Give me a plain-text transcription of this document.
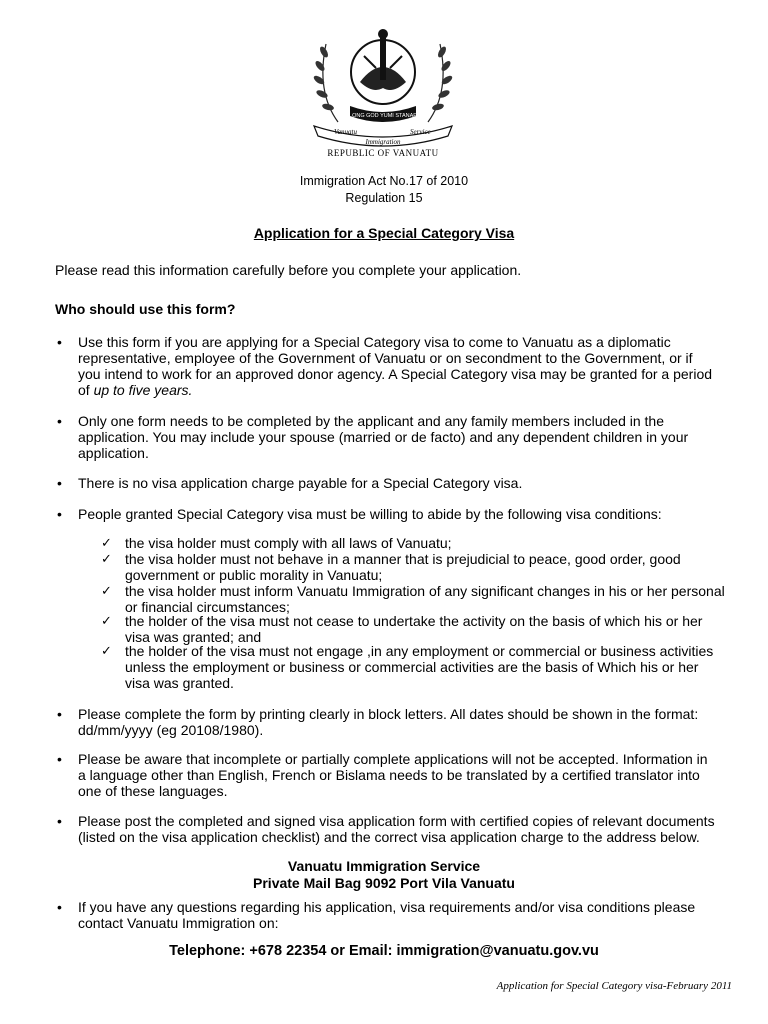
LONG GOD YUMI STANAP
Vanuatu
Immigration
Service
REPUBLIC OF VANUATU
Immigration Act No.17 of 2010
Regulation 15
Application for a Special Category Visa
Please read this information carefully before you complete your application.
Who should use this form?
• Use this form if you are applying for a Special Category visa to come to Vanuatu as a diplomatic representative, employee of the Government of Vanuatu or on secondment to the Government, or if you intend to work for an approved donor agency. A Special Category visa may be granted for a period of up to five years.
• Only one form needs to be completed by the applicant and any family members included in the application. You may include your spouse (married or de facto) and any dependent children in your application.
• There is no visa application charge payable for a Special Category visa.
• People granted Special Category visa must be willing to abide by the following visa conditions:
✓ the visa holder must comply with all laws of Vanuatu;
✓ the visa holder must not behave in a manner that is prejudicial to peace, good order, good government or public morality in Vanuatu;
✓ the visa holder must inform Vanuatu Immigration of any significant changes in his or her personal or financial circumstances;
✓ the holder of the visa must not cease to undertake the activity on the basis of which his or her visa was granted; and
✓ the holder of the visa must not engage ,in any employment or commercial or business activities unless the employment or business or commercial activities are the basis of Which his or her visa was granted.
• Please complete the form by printing clearly in block letters. All dates should be shown in the format: dd/mm/yyyy (eg 20108/1980).
• Please be aware that incomplete or partially complete applications will not be accepted. Information in a language other than English, French or Bislama needs to be translated by a certified translator into one of these languages.
• Please post the completed and signed visa application form with certified copies of relevant documents (listed on the visa application checklist) and the correct visa application charge to the address below.
Vanuatu Immigration Service
Private Mail Bag 9092 Port Vila Vanuatu
• If you have any questions regarding his application, visa requirements and/or visa conditions please contact Vanuatu Immigration on:
Telephone: +678 22354 or Email: immigration@vanuatu.gov.vu
Application for Special Category visa-February 2011
